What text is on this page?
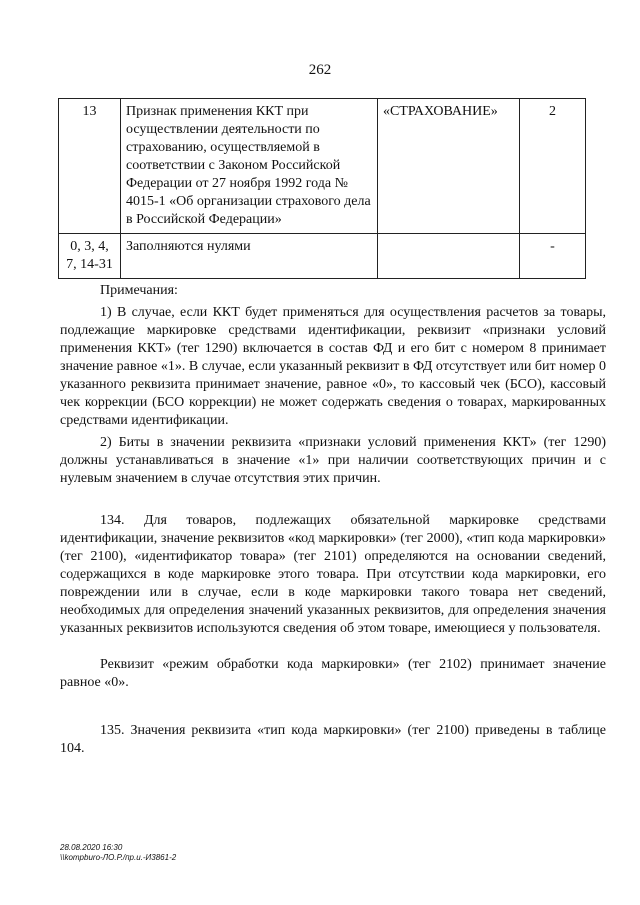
262
13	Признак применения ККТ при осуществлении деятельности по страхованию, осуществляемой в соответствии с Законом Российской Федерации от 27 ноября 1992 года № 4015-1 «Об организации страхового дела в Российской Федерации»	«СТРАХОВАНИЕ»	2
0, 3, 4, 7, 14-31	Заполняются нулями		-

Примечания:

1) В случае, если ККТ будет применяться для осуществления расчетов за товары, подлежащие маркировке средствами идентификации, реквизит «признаки условий применения ККТ» (тег 1290) включается в состав ФД и его бит с номером 8 принимает значение равное «1». В случае, если указанный реквизит в ФД отсутствует или бит номер 0 указанного реквизита принимает значение, равное «0», то кассовый чек (БСО), кассовый чек коррекции (БСО коррекции) не может содержать сведения о товарах, маркированных средствами идентификации.

2) Биты в значении реквизита «признаки условий применения ККТ» (тег 1290) должны устанавливаться в значение «1» при наличии соответствующих причин и с нулевым значением в случае отсутствия этих причин.

134. Для товаров, подлежащих обязательной маркировке средствами идентификации, значение реквизитов «код маркировки» (тег 2000), «тип кода маркировки» (тег 2100), «идентификатор товара» (тег 2101) определяются на основании сведений, содержащихся в коде маркировке этого товара. При отсутствии кода маркировки, его повреждении или в случае, если в коде маркировки такого товара нет сведений, необходимых для определения значений указанных реквизитов, для определения значения указанных реквизитов используются сведения об этом товаре, имеющиеся у пользователя.

Реквизит «режим обработки кода маркировки» (тег 2102) принимает значение равное «0».

135. Значения реквизита «тип кода маркировки» (тег 2100) приведены в таблице 104.

28.08.2020 16:30
\\kompburo-ЛО.Р./пр.и.-И3861-2
